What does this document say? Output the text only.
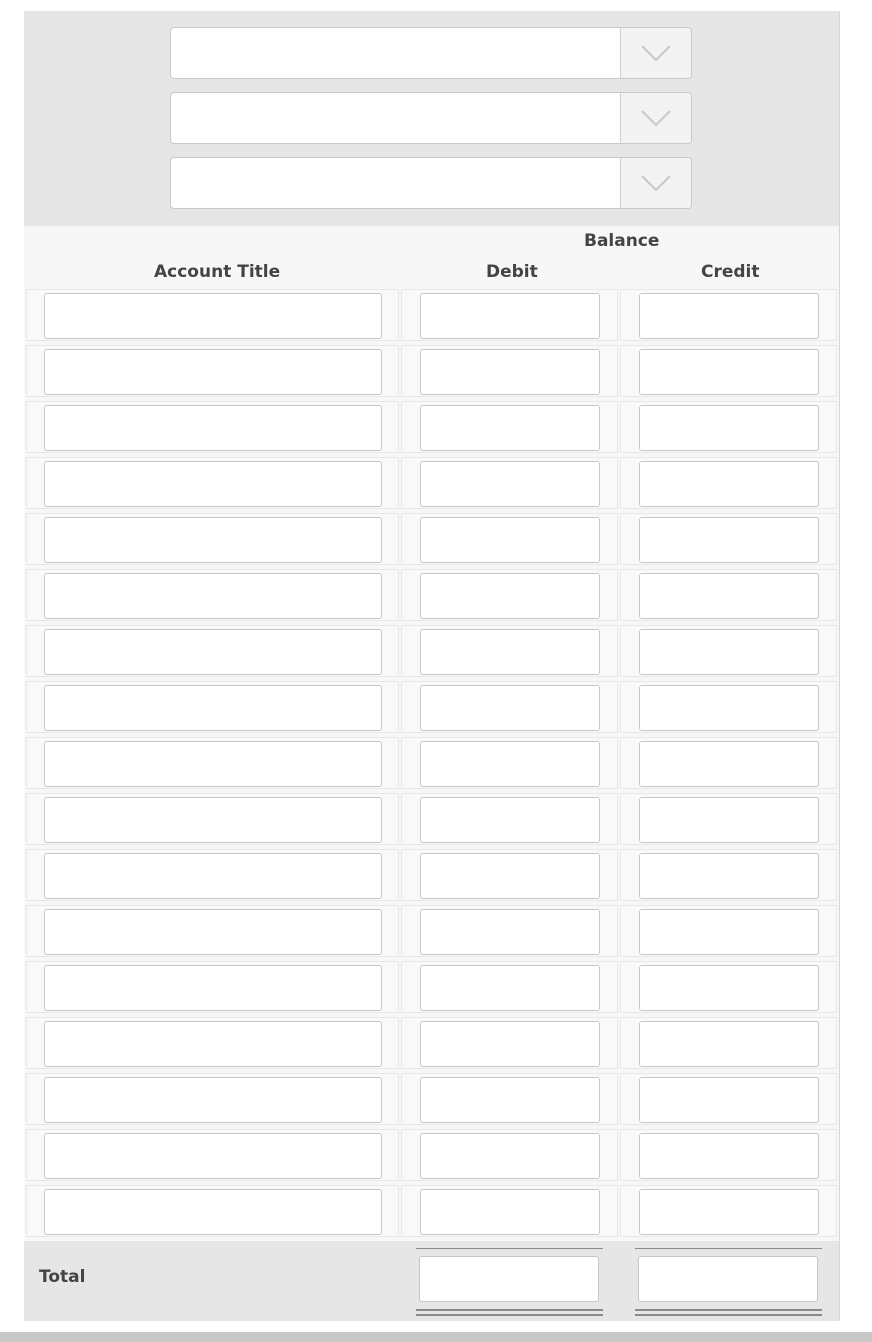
Balance
Account Title	Debit	Credit
Total
